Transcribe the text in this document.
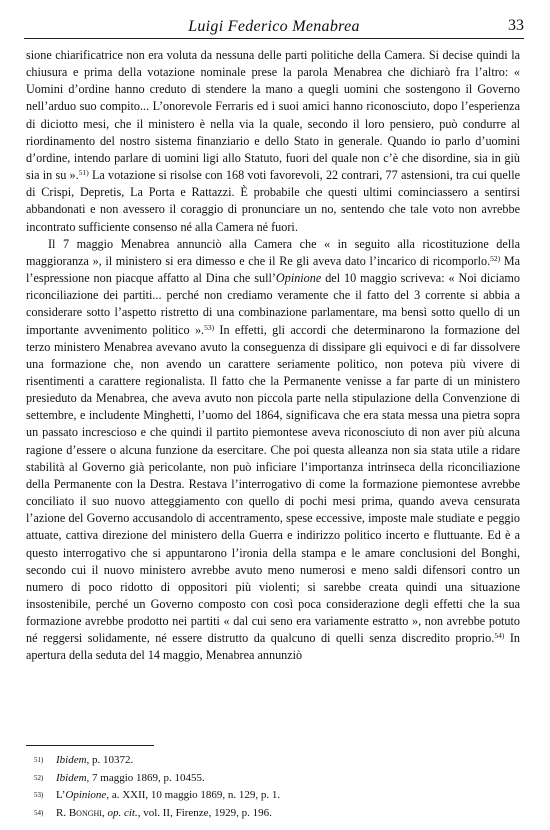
Luigi Federico Menabrea	33

sione chiarificatrice non era voluta da nessuna delle parti politiche della Camera. Si decise quindi la chiusura e prima della votazione nominale prese la parola Menabrea che dichiarò fra l’altro: « Uomini d’ordine hanno creduto di stendere la mano a quegli uomini che sostengono il Governo nell’arduo suo compito... L’onorevole Ferraris ed i suoi amici hanno riconosciuto, dopo l’esperienza di diciotto mesi, che il ministero è nella via la quale, secondo il loro pensiero, può condurre al riordinamento del nostro sistema finanziario e dello Stato in generale. Quando io parlo d’uomini d’ordine, intendo parlare di uomini ligi allo Statuto, fuori del quale non c’è che disordine, sia in giù sia in su ».$^{51)}$ La votazione si risolse con 168 voti favorevoli, 22 contrari, 77 astensioni, tra cui quelle di Crispi, Depretis, La Porta e Rattazzi. È probabile che questi ultimi cominciassero a sentirsi abbandonati e non avessero il coraggio di pronunciare un no, sentendo che tale voto non avrebbe incontrato sufficiente consenso né alla Camera né fuori.

Il 7 maggio Menabrea annunciò alla Camera che « in seguito alla ricostituzione della maggioranza », il ministero si era dimesso e che il Re gli aveva dato l’incarico di ricomporlo.$^{52)}$ Ma l’espressione non piacque affatto al Dina che sull’Opinione del 10 maggio scriveva: « Noi diciamo riconciliazione dei partiti... perché non crediamo veramente che il fatto del 3 corrente si abbia a considerare sotto l’aspetto ristretto di una combinazione parlamentare, ma bensì sotto quello di un importante avvenimento politico ».$^{53)}$ In effetti, gli accordi che determinarono la formazione del terzo ministero Menabrea avevano avuto la conseguenza di dissipare gli equivoci e di far dissolvere una formazione che, non avendo un carattere seriamente politico, non poteva più vivere di risentimenti a carattere regionalista. Il fatto che la Permanente venisse a far parte di un ministero presieduto da Menabrea, che aveva avuto non piccola parte nella stipulazione della Convenzione di settembre, e includente Minghetti, l’uomo del 1864, significava che era stata messa una pietra sopra un passato increscioso e che quindi il partito piemontese aveva riconosciuto di non aver più alcuna ragione d’essere o alcuna funzione da esercitare. Che poi questa alleanza non sia stata utile a ridare stabilità al Governo già pericolante, non può inficiare l’importanza intrinseca della riconciliazione della Permanente con la Destra. Restava l’interrogativo di come la formazione piemontese avrebbe conciliato il suo nuovo atteggiamento con quello di pochi mesi prima, quando aveva censurata l’azione del Governo accusandolo di accentramento, spese eccessive, imposte male studiate e peggio attuate, cattiva direzione del ministero della Guerra e indirizzo politico incerto e fluttuante. Ed è a questo interrogativo che si appuntarono l’ironia della stampa e le amare conclusioni del Bonghi, secondo cui il nuovo ministero avrebbe avuto meno numerosi e meno saldi difensori contro un numero di poco ridotto di oppositori più violenti; si sarebbe creata quindi una situazione insostenibile, perché un Governo composto con così poca considerazione degli effetti che la sua formazione avrebbe prodotto nei partiti « dal cui seno era variamente estratto », non avrebbe potuto né reggersi solidamente, né essere distrutto da qualcuno di quelli senza discredito proprio.$^{54)}$ In apertura della seduta del 14 maggio, Menabrea annunziò

$^{51)}$	Ibidem, p. 10372.
$^{52)}$	Ibidem, 7 maggio 1869, p. 10455.
$^{53)}$	L’Opinione, a. XXII, 10 maggio 1869, n. 129, p. 1.
$^{54)}$	R. Bonghi, op. cit., vol. II, Firenze, 1929, p. 196.
